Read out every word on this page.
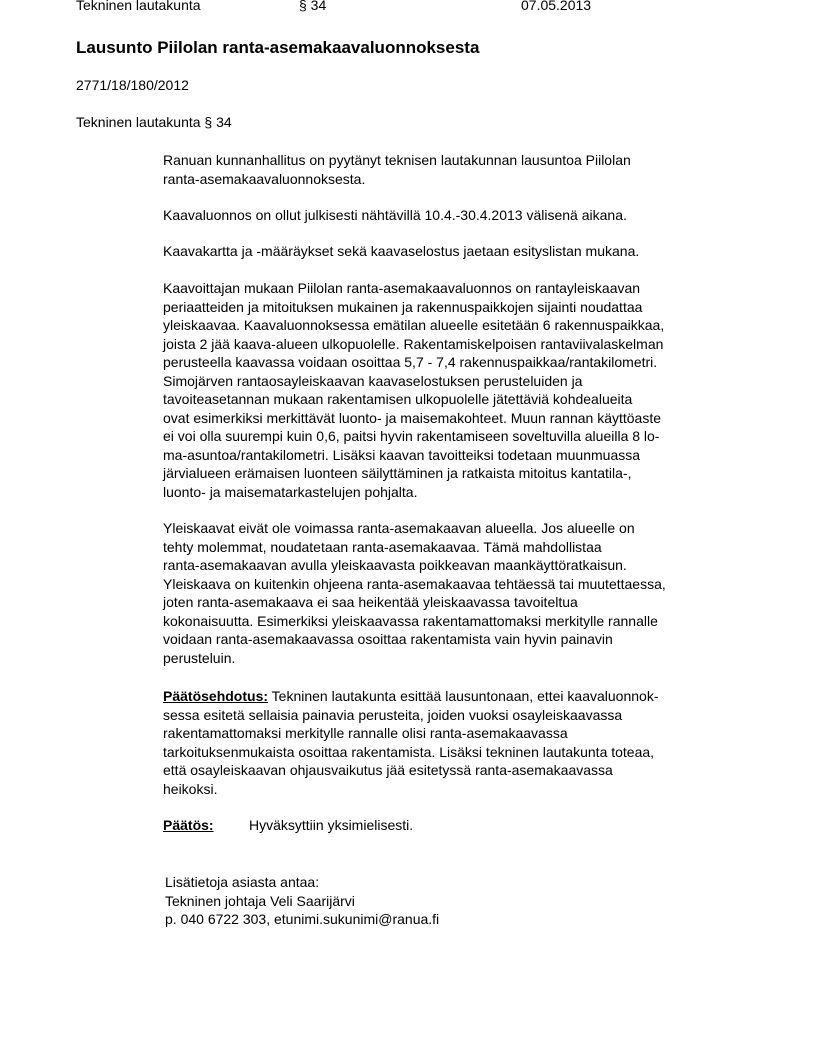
Tekninen lautakunta	§ 34	07.05.2013
Lausunto Piilolan ranta-asemakaavaluonnoksesta
2771/18/180/2012
Tekninen lautakunta § 34
Ranuan kunnanhallitus on pyytänyt teknisen lautakunnan lausuntoa Piilolan
ranta-asemakaavaluonnoksesta.
Kaavaluonnos on ollut julkisesti nähtävillä 10.4.-30.4.2013 välisenä aikana.
Kaavakartta ja -määräykset sekä kaavaselostus jaetaan esityslistan mukana.
Kaavoittajan mukaan Piilolan ranta-asemakaavaluonnos on rantayleiskaavan
periaatteiden ja mitoituksen mukainen ja rakennuspaikkojen sijainti noudattaa
yleiskaavaa. Kaavaluonnoksessa emätilan alueelle esitetään 6 rakennuspaikkaa,
joista 2 jää kaava-alueen ulkopuolelle. Rakentamiskelpoisen rantaviivalaskelman
perusteella kaavassa voidaan osoittaa 5,7 - 7,4 rakennuspaikkaa/rantakilometri.
Simojärven rantaosayleiskaavan kaavaselostuksen perusteluiden ja
tavoiteasetannan mukaan rakentamisen ulkopuolelle jätettäviä kohdealueita
ovat esimerkiksi merkittävät luonto- ja maisemakohteet. Muun rannan käyttöaste
ei voi olla suurempi kuin 0,6, paitsi hyvin rakentamiseen soveltuvilla alueilla 8 lo-
ma-asuntoa/rantakilometri. Lisäksi kaavan tavoitteiksi todetaan muunmuassa
järvialueen erämaisen luonteen säilyttäminen ja ratkaista mitoitus kantatila-,
luonto- ja maisematarkastelujen pohjalta.
Yleiskaavat eivät ole voimassa ranta-asemakaavan alueella. Jos alueelle on
tehty molemmat, noudatetaan ranta-asemakaavaa. Tämä mahdollistaa
ranta-asemakaavan avulla yleiskaavasta poikkeavan maankäyttöratkaisun.
Yleiskaava on kuitenkin ohjeena ranta-asemakaavaa tehtäessä tai muutettaessa,
joten ranta-asemakaava ei saa heikentää yleiskaavassa tavoiteltua
kokonaisuutta. Esimerkiksi yleiskaavassa rakentamattomaksi merkitylle rannalle
voidaan ranta-asemakaavassa osoittaa rakentamista vain hyvin painavin
perusteluin.
Päätösehdotus: Tekninen lautakunta esittää lausuntonaan, ettei kaavaluonnok-
sessa esitetä sellaisia painavia perusteita, joiden vuoksi osayleiskaavassa
rakentamattomaksi merkitylle rannalle olisi ranta-asemakaavassa
tarkoituksenmukaista osoittaa rakentamista. Lisäksi tekninen lautakunta toteaa,
että osayleiskaavan ohjausvaikutus jää esitetyssä ranta-asemakaavassa
heikoksi.
Päätös:	Hyväksyttiin yksimielisesti.
Lisätietoja asiasta antaa:
Tekninen johtaja Veli Saarijärvi
p. 040 6722 303, etunimi.sukunimi@ranua.fi
